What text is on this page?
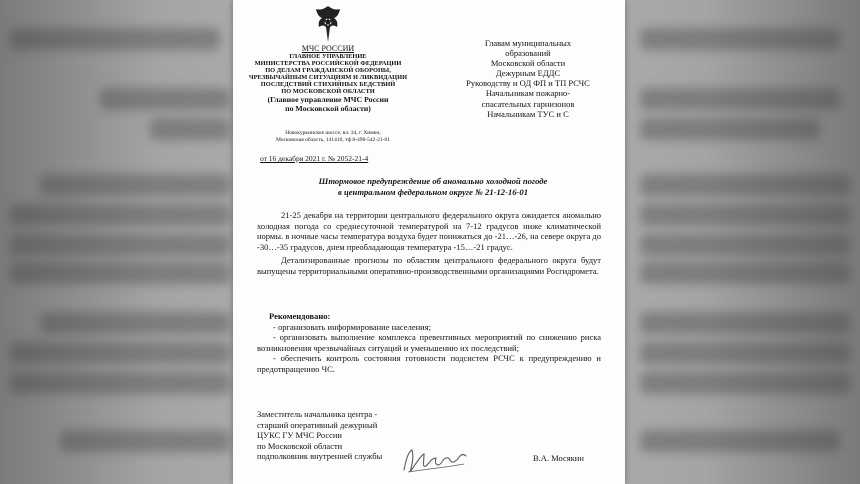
МЧС РОССИИ
ГЛАВНОЕ УПРАВЛЕНИЕ
МИНИСТЕРСТВА РОССИЙСКОЙ ФЕДЕРАЦИИ
ПО ДЕЛАМ ГРАЖДАНСКОЙ ОБОРОНЫ,
ЧРЕЗВЫЧАЙНЫМ СИТУАЦИЯМ И ЛИКВИДАЦИИ
ПОСЛЕДСТВИЙ СТИХИЙНЫХ БЕДСТВИЙ
ПО МОСКОВСКОЙ ОБЛАСТИ
(Главное управление МЧС России
по Московской области)
Новокуркинское шоссе, вл. 34, г. Химки,
Московская область, 141410, тф 8-498-542-21-01
от 16 декабря 2021 г. № 2052-21-4
Главам муниципальных
образований
Московской области
Дежурным ЕДДС
Руководству и ОД ФП и ТП РСЧС
Начальникам пожарно-
спасательных гарнизонов
Начальникам ТУС и С
Штормовое предупреждение об аномально холодной погоде
в центральном федеральном округе № 21-12-16-01

21-25 декабря на территории центрального федерального округа ожидается аномально холодная погода со среднесуточной температурой на 7-12 градусов ниже климатической нормы. в ночные часы температура воздуха будет понижаться до -21…-26, на севере округа до -30…-35 градусов, днем преобладающая температура -15…-21 градус.

Детализированные прогнозы по областям центрального федерального округа будут выпущены территориальными оперативно-производственными организациями Росгидромета.

Рекомендовано:
- организовать информирование населения;
- организовать выполнение комплекса превентивных мероприятий по снижению риска возникновения чрезвычайных ситуаций и уменьшению их последствий;
- обеспечить контроль состояния готовности подсистем РСЧС к предупреждению и предотвращению ЧС.
Заместитель начальника центра -
старший оперативный дежурный
ЦУКС ГУ МЧС России
по Московской области
подполковник внутренней службы	В.А. Мосякин
